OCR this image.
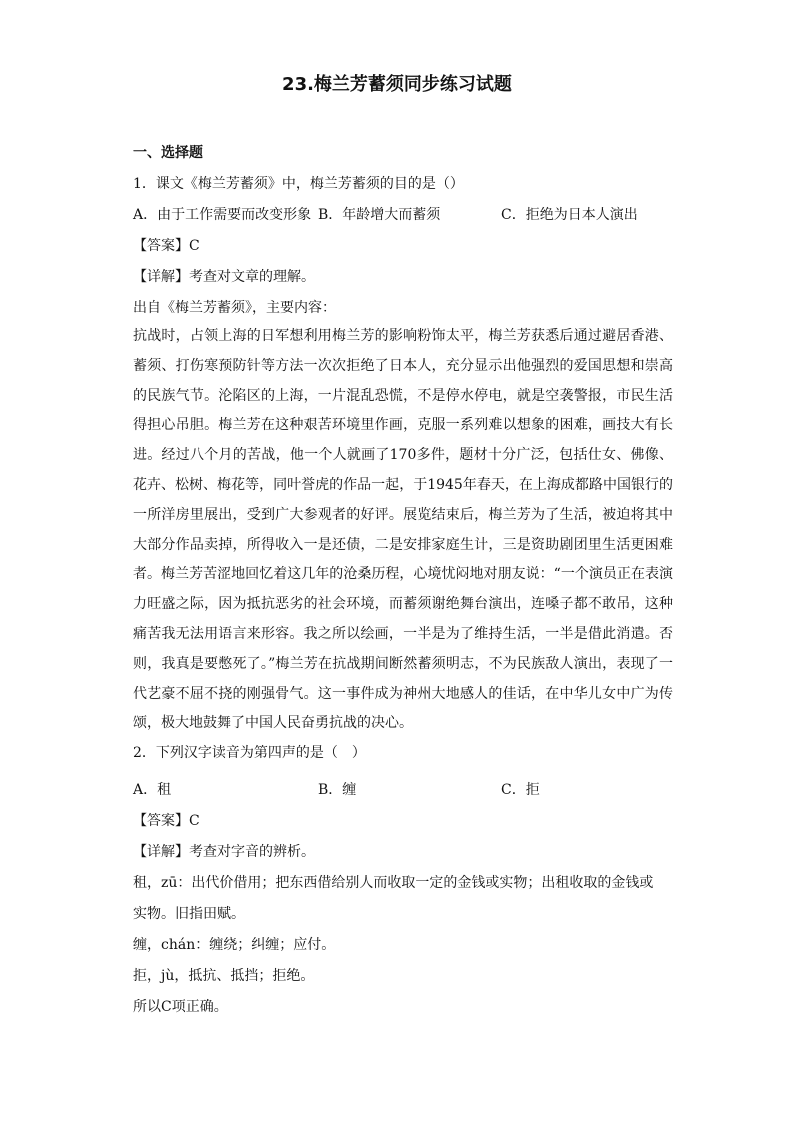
23.梅兰芳蓄须同步练习试题
一、选择题
1．课文《梅兰芳蓄须》中，梅兰芳蓄须的目的是（）
A．由于工作需要而改变形象 B．年龄增大而蓄须	C．拒绝为日本人演出
【答案】C
【详解】考查对文章的理解。
出自《梅兰芳蓄须》，主要内容：
抗战时，占领上海的日军想利用梅兰芳的影响粉饰太平，梅兰芳获悉后通过避居香港、蓄须、打伤寒预防针等方法一次次拒绝了日本人，充分显示出他强烈的爱国思想和崇高的民族气节。沦陷区的上海，一片混乱恐慌，不是停水停电，就是空袭警报，市民生活得担心吊胆。梅兰芳在这种艰苦环境里作画，克服一系列难以想象的困难，画技大有长进。经过八个月的苦战，他一个人就画了170多件，题材十分广泛，包括仕女、佛像、花卉、松树、梅花等，同叶誉虎的作品一起，于1945年春天，在上海成都路中国银行的一所洋房里展出，受到广大参观者的好评。展览结束后，梅兰芳为了生活，被迫将其中大部分作品卖掉，所得收入一是还债，二是安排家庭生计，三是资助剧团里生活更困难者。梅兰芳苦涩地回忆着这几年的沧桑历程，心境忧闷地对朋友说：“一个演员正在表演力旺盛之际，因为抵抗恶劣的社会环境，而蓄须谢绝舞台演出，连嗓子都不敢吊，这种痛苦我无法用语言来形容。我之所以绘画，一半是为了维持生活，一半是借此消遣。否则，我真是要憋死了。”梅兰芳在抗战期间断然蓄须明志，不为民族敌人演出，表现了一代艺豪不屈不挠的刚强骨气。这一事件成为神州大地感人的佳话，在中华儿女中广为传颂，极大地鼓舞了中国人民奋勇抗战的决心。
2．下列汉字读音为第四声的是（　）
A．租	B．缠	C．拒
【答案】C
【详解】考查对字音的辨析。
租，zū：出代价借用；把东西借给别人而收取一定的金钱或实物；出租收取的金钱或
实物。旧指田赋。
缠，chán：缠绕；纠缠；应付。
拒，jù，抵抗、抵挡；拒绝。
所以C项正确。
